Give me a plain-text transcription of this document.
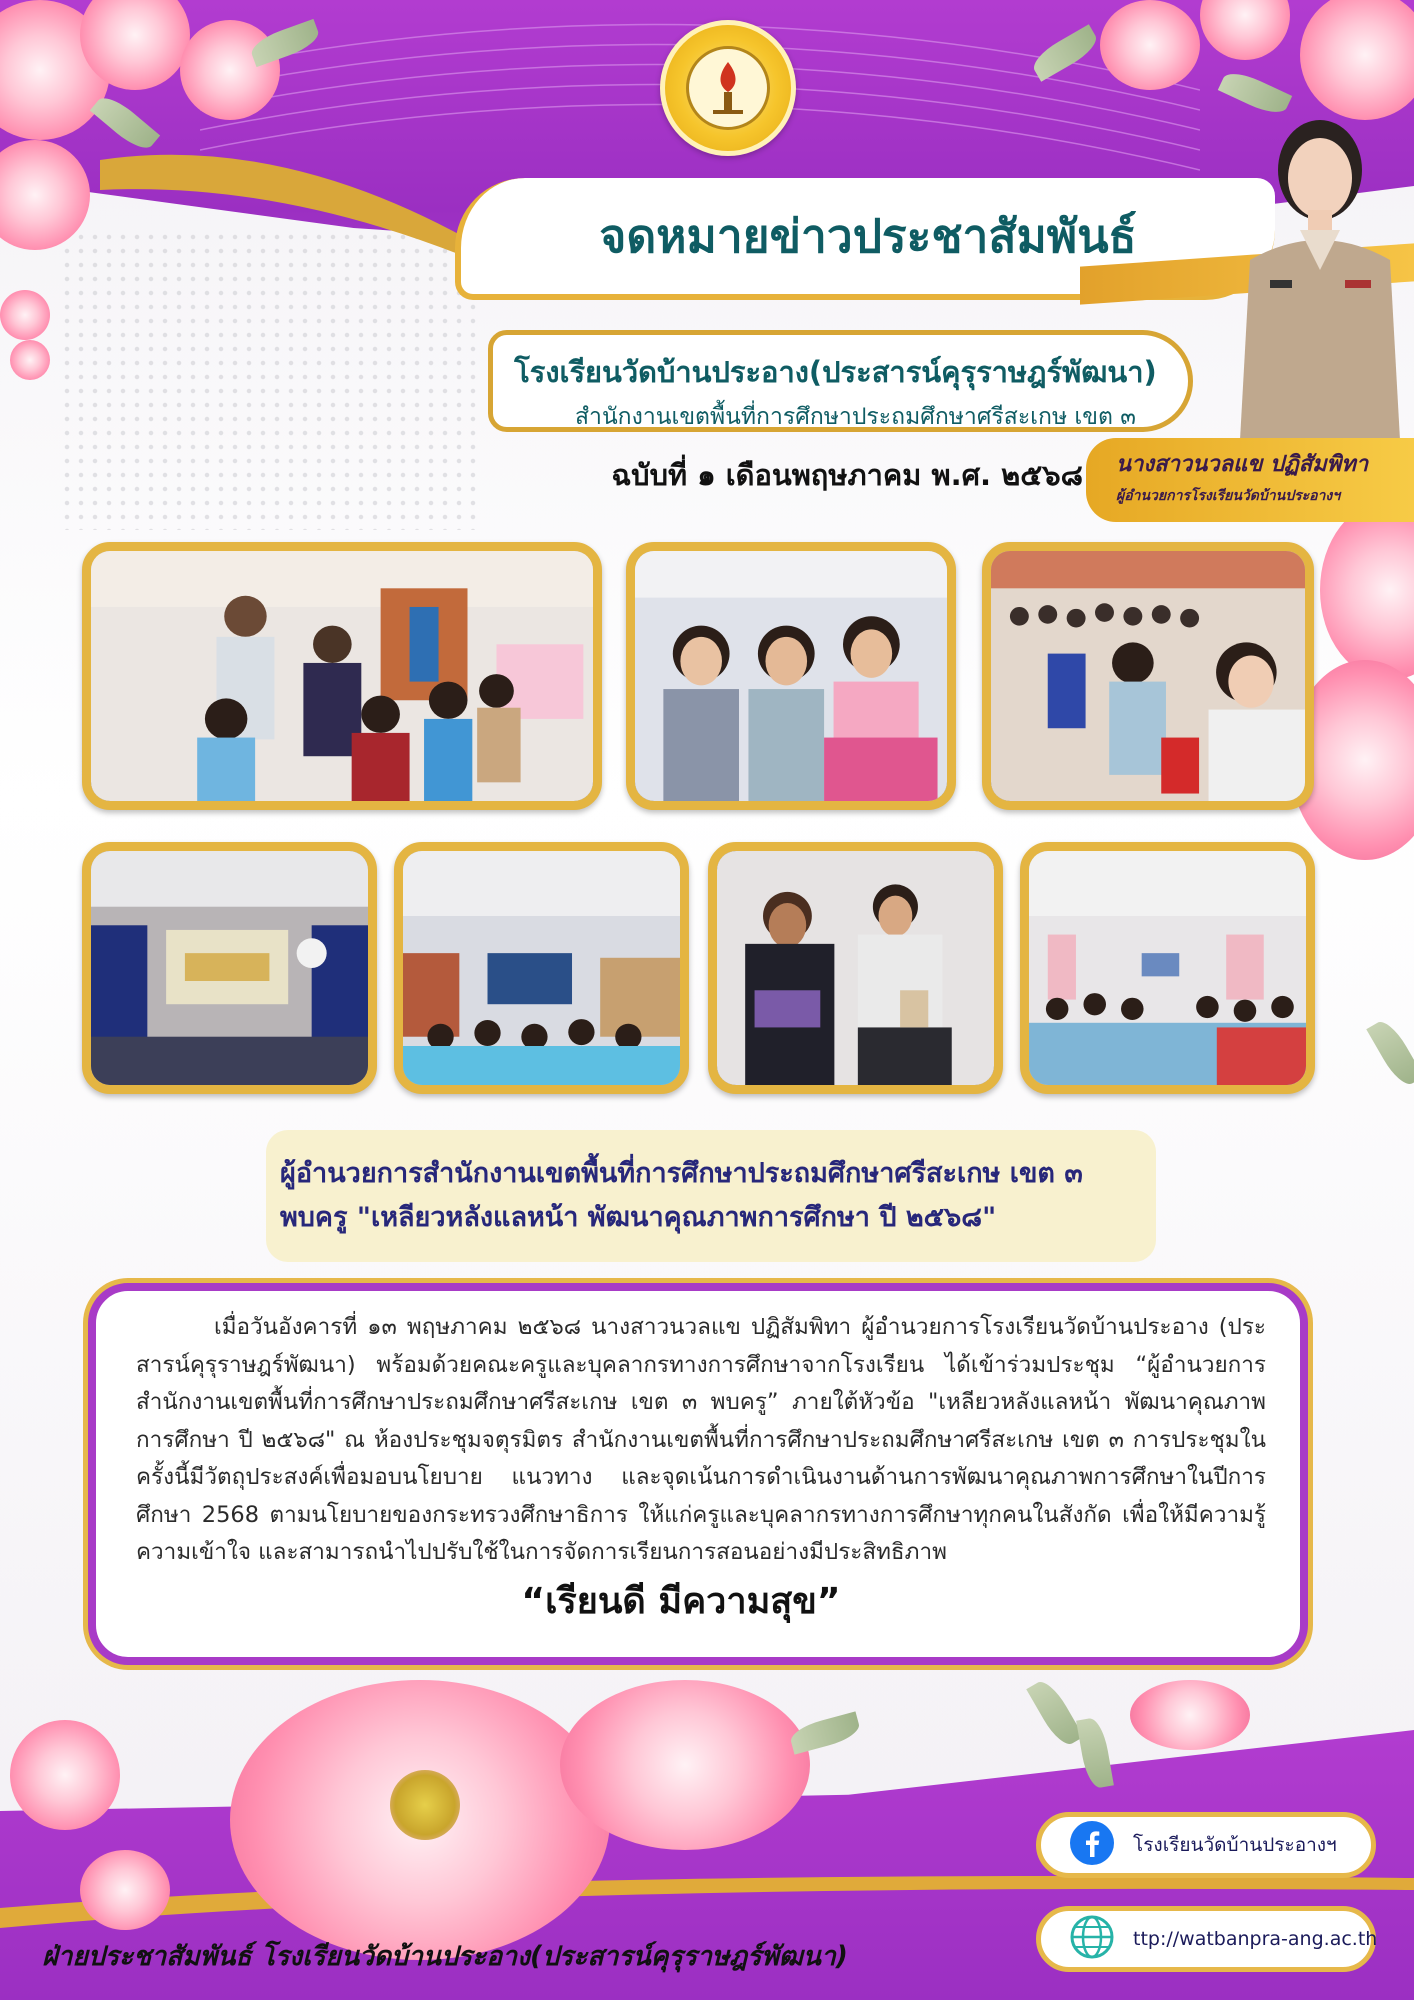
จดหมายข่าวประชาสัมพันธ์
โรงเรียนวัดบ้านประอาง(ประสารน์คุรุราษฎร์พัฒนา)
สำนักงานเขตพื้นที่การศึกษาประถมศึกษาศรีสะเกษ เขต ๓
ฉบับที่ ๑ เดือนพฤษภาคม พ.ศ. ๒๕๖๘ นางสาวนวลแข ปฏิสัมพิทา
ผู้อำนวยการโรงเรียนวัดบ้านประอางฯ
ผู้อำนวยการสำนักงานเขตพื้นที่การศึกษาประถมศึกษาศรีสะเกษ เขต ๓
พบครู "เหลียวหลังแลหน้า พัฒนาคุณภาพการศึกษา ปี ๒๕๖๘"

เมื่อวันอังคารที่ ๑๓ พฤษภาคม ๒๕๖๘ นางสาวนวลแข ปฏิสัมพิทา ผู้อำนวยการโรงเรียนวัดบ้านประอาง (ประสารน์คุรุราษฎร์พัฒนา) พร้อมด้วยคณะครูและบุคลากรทางการศึกษาจากโรงเรียน ได้เข้าร่วมประชุม “ผู้อำนวยการสำนักงานเขตพื้นที่การศึกษาประถมศึกษาศรีสะเกษ เขต ๓ พบครู” ภายใต้หัวข้อ "เหลียวหลังแลหน้า พัฒนาคุณภาพการศึกษา ปี ๒๕๖๘" ณ ห้องประชุมจตุรมิตร สำนักงานเขตพื้นที่การศึกษาประถมศึกษาศรีสะเกษ เขต ๓ การประชุมในครั้งนี้มีวัตถุประสงค์เพื่อมอบนโยบาย แนวทาง และจุดเน้นการดำเนินงานด้านการพัฒนาคุณภาพการศึกษาในปีการศึกษา 2568 ตามนโยบายของกระทรวงศึกษาธิการ ให้แก่ครูและบุคลากรทางการศึกษาทุกคนในสังกัด เพื่อให้มีความรู้ ความเข้าใจ และสามารถนำไปปรับใช้ในการจัดการเรียนการสอนอย่างมีประสิทธิภาพ

“เรียนดี มีความสุข”
โรงเรียนวัดบ้านประอางฯ
ttp://watbanpra-ang.ac.th
ฝ่ายประชาสัมพันธ์ โรงเรียนวัดบ้านประอาง(ประสารน์คุรุราษฎร์พัฒนา)
